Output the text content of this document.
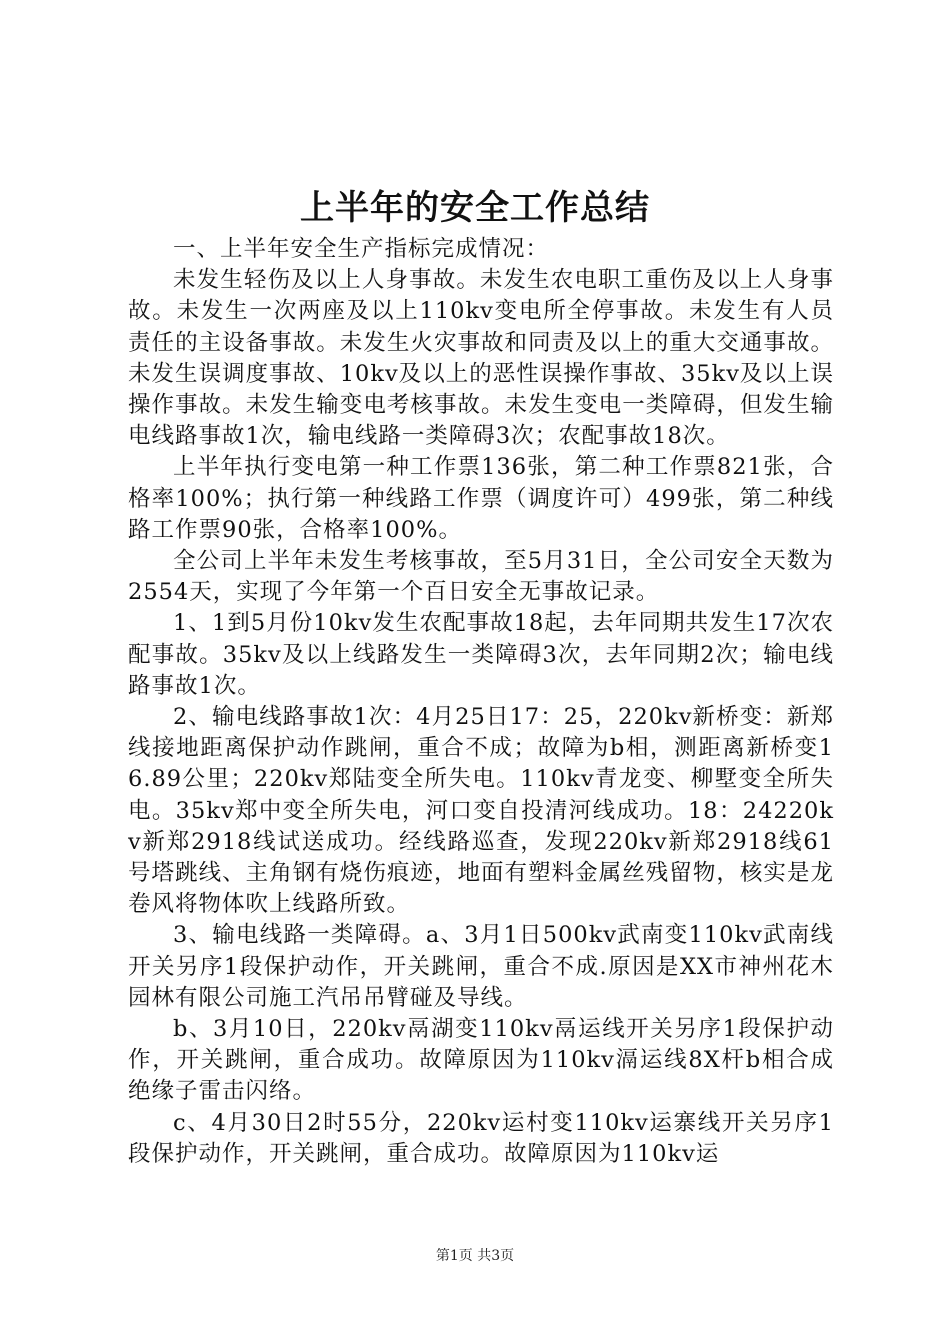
上半年的安全工作总结

一、上半年安全生产指标完成情况：

未发生轻伤及以上人身事故。未发生农电职工重伤及以上人身事故。未发生一次两座及以上110kv变电所全停事故。未发生有人员责任的主设备事故。未发生火灾事故和同责及以上的重大交通事故。未发生误调度事故、10kv及以上的恶性误操作事故、35kv及以上误操作事故。未发生输变电考核事故。未发生变电一类障碍，但发生输电线路事故1次，输电线路一类障碍3次；农配事故18次。

上半年执行变电第一种工作票136张，第二种工作票821张，合格率100%；执行第一种线路工作票（调度许可）499张，第二种线路工作票90张，合格率100%。

全公司上半年未发生考核事故，至5月31日，全公司安全天数为2554天，实现了今年第一个百日安全无事故记录。

1、1到5月份10kv发生农配事故18起，去年同期共发生17次农配事故。35kv及以上线路发生一类障碍3次，去年同期2次；输电线路事故1次。

2、输电线路事故1次：4月25日17：25，220kv新桥变：新郑线接地距离保护动作跳闸，重合不成；故障为b相，测距离新桥变16.89公里；220kv郑陆变全所失电。110kv青龙变、柳墅变全所失电。35kv郑中变全所失电，河口变自投清河线成功。18：24220kv新郑2918线试送成功。经线路巡查，发现220kv新郑2918线61号塔跳线、主角钢有烧伤痕迹，地面有塑料金属丝残留物，核实是龙卷风将物体吹上线路所致。

3、输电线路一类障碍。a、3月1日500kv武南变110kv武南线开关另序1段保护动作，开关跳闸，重合不成.原因是XX市神州花木园林有限公司施工汽吊吊臂碰及导线。

b、3月10日，220kv鬲湖变110kv鬲运线开关另序1段保护动作，开关跳闸，重合成功。故障原因为110kv滆运线8X杆b相合成绝缘子雷击闪络。

c、4月30日2时55分，220kv运村变110kv运寨线开关另序1段保护动作，开关跳闸，重合成功。故障原因为110kv运

第1页 共3页
